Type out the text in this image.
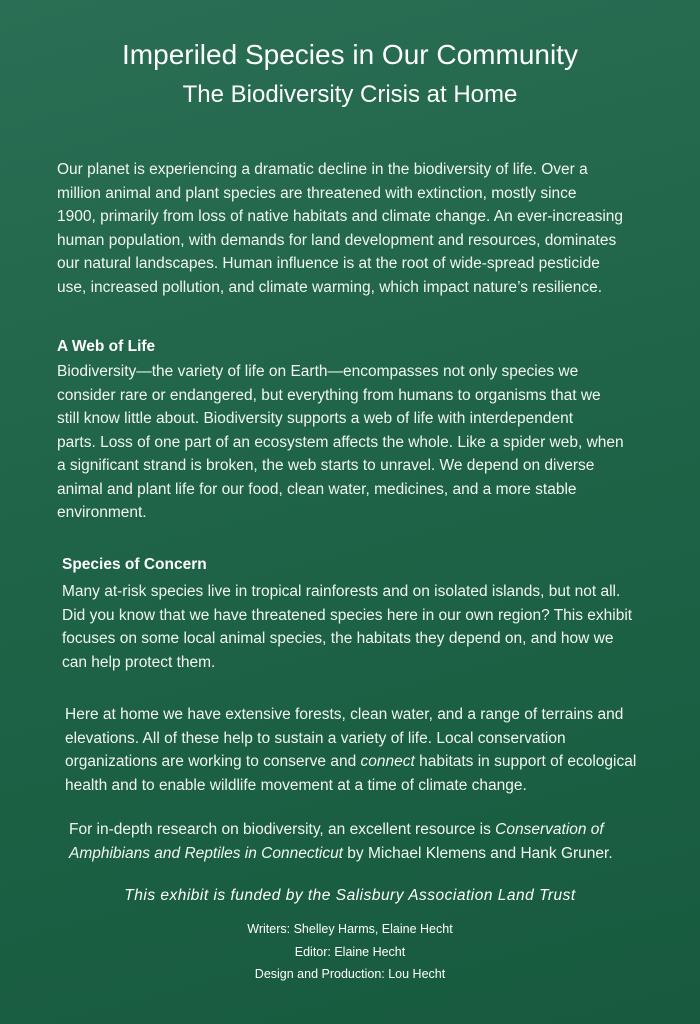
Imperiled Species in Our Community
The Biodiversity Crisis at Home
Our planet is experiencing a dramatic decline in the biodiversity of life. Over a
million animal and plant species are threatened with extinction, mostly since
1900, primarily from loss of native habitats and climate change. An ever-increasing
human population, with demands for land development and resources, dominates
our natural landscapes. Human influence is at the root of wide-spread pesticide
use, increased pollution, and climate warming, which impact nature’s resilience.
A Web of Life
Biodiversity—the variety of life on Earth—encompasses not only species we
consider rare or endangered, but everything from humans to organisms that we
still know little about. Biodiversity supports a web of life with interdependent
parts. Loss of one part of an ecosystem affects the whole. Like a spider web, when
a significant strand is broken, the web starts to unravel. We depend on diverse
animal and plant life for our food, clean water, medicines, and a more stable
environment.
Species of Concern
Many at-risk species live in tropical rainforests and on isolated islands, but not all.
Did you know that we have threatened species here in our own region? This exhibit
focuses on some local animal species, the habitats they depend on, and how we
can help protect them.
Here at home we have extensive forests, clean water, and a range of terrains and
elevations. All of these help to sustain a variety of life. Local conservation
organizations are working to conserve and connect habitats in support of ecological
health and to enable wildlife movement at a time of climate change.
For in-depth research on biodiversity, an excellent resource is Conservation of
Amphibians and Reptiles in Connecticut by Michael Klemens and Hank Gruner.
This exhibit is funded by the Salisbury Association Land Trust
Writers: Shelley Harms, Elaine Hecht
Editor: Elaine Hecht
Design and Production: Lou Hecht
